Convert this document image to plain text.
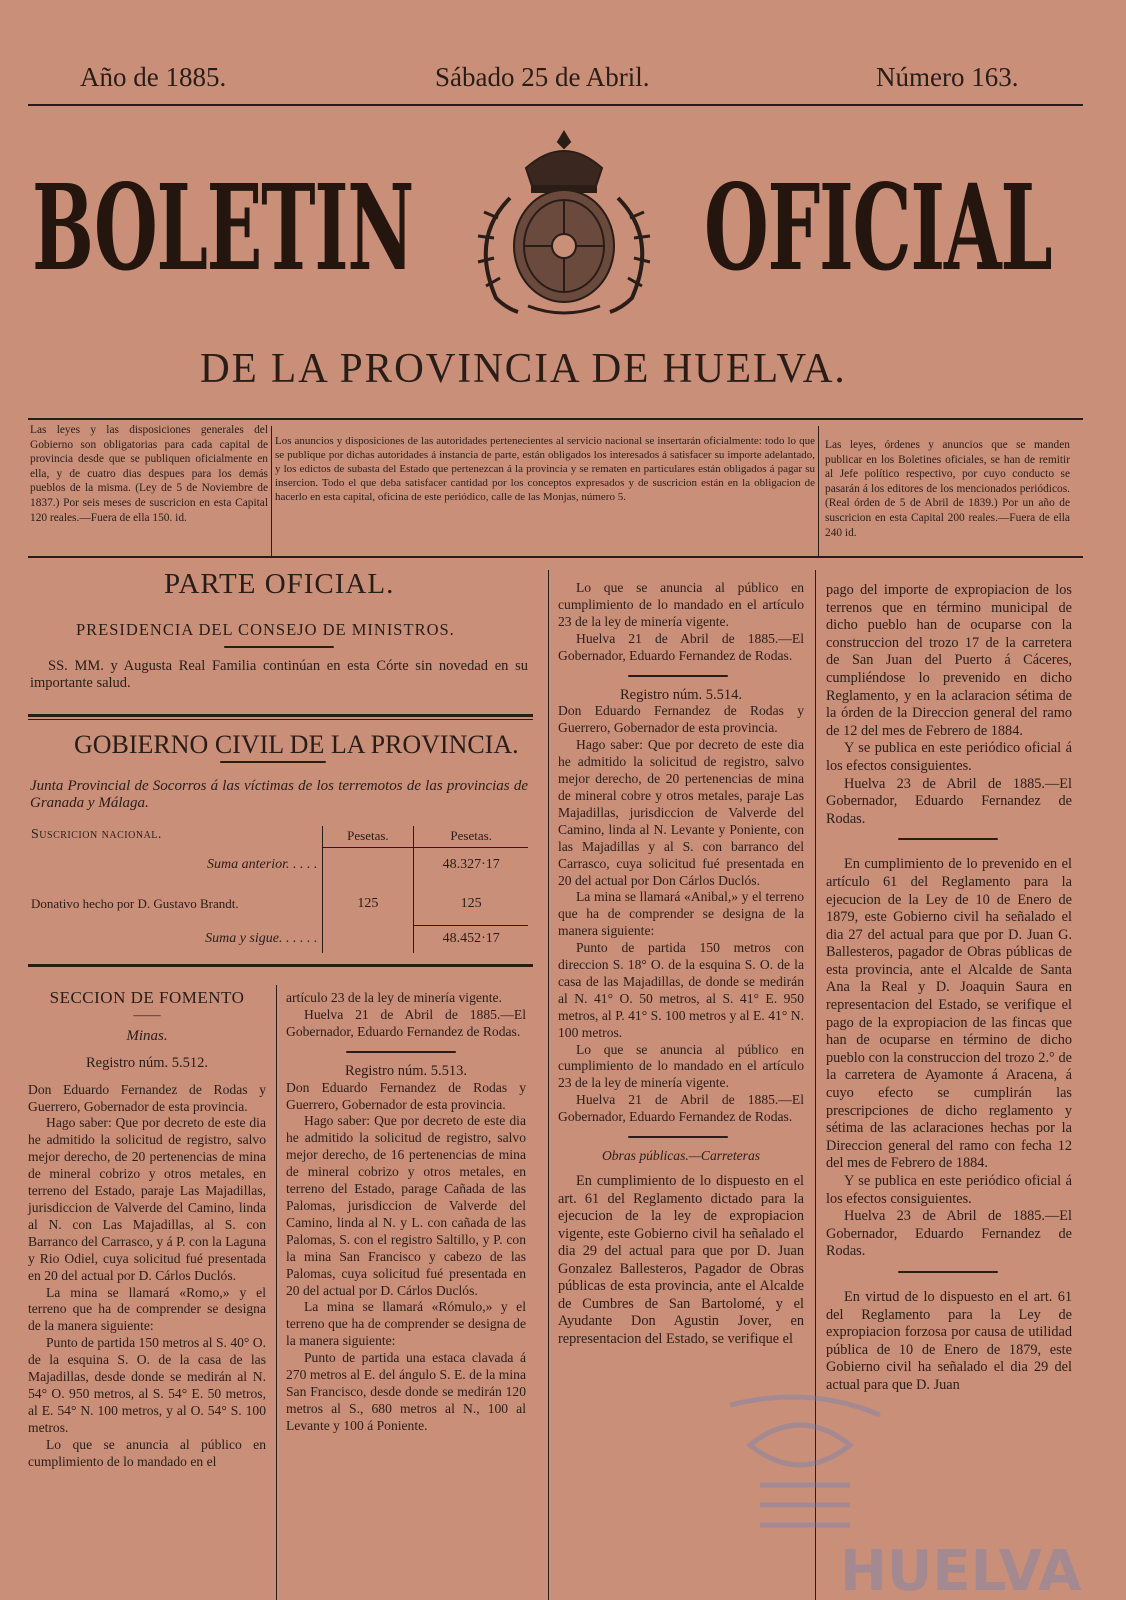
Año de 1885.	Sábado 25 de Abril.	Número 163.
BOLETIN OFICIAL
DE LA PROVINCIA DE HUELVA.
Las leyes y las disposiciones generales del Gobierno son obligatorias para cada capital de provincia desde que se publiquen oficialmente en ella, y de cuatro dias despues para los demás pueblos de la misma. (Ley de 5 de Noviembre de 1837.) Por seis meses de suscricion en esta Capital 120 reales.—Fuera de ella 150. id.
Los anuncios y disposiciones de las autoridades pertenecientes al servicio nacional se insertarán oficialmente: todo lo que se publique por dichas autoridades á instancia de parte, están obligados los interesados á satisfacer su importe adelantado, y los edictos de subasta del Estado que pertenezcan á la provincia y se rematen en particulares están obligados á pagar su insercion. Todo el que deba satisfacer cantidad por los conceptos expresados y de suscricion están en la obligacion de hacerlo en esta capital, oficina de este periódico, calle de las Monjas, número 5.
Las leyes, órdenes y anuncios que se manden publicar en los Boletines oficiales, se han de remitir al Jefe político respectivo, por cuyo conducto se pasarán á los editores de los mencionados periódicos. (Real órden de 5 de Abril de 1839.) Por un año de suscricion en esta Capital 200 reales.—Fuera de ella 240 id.
PARTE OFICIAL.
PRESIDENCIA DEL CONSEJO DE MINISTROS.

SS. MM. y Augusta Real Familia continúan en esta Córte sin novedad en su importante salud.

GOBIERNO CIVIL DE LA PROVINCIA.
Junta Provincial de Socorros á las víctimas de los terremotos de las provincias de Granada y Málaga.
Suscricion nacional.	Pesetas.	Pesetas.
Suma anterior. . . . .		48.327·17
Donativo hecho por D. Gustavo Brandt.	125	125
Suma y sigue. . . . . .		48.452·17
SECCION DE FOMENTO
——
Minas.
Registro núm. 5.512.

Don Eduardo Fernandez de Rodas y Guerrero, Gobernador de esta provincia.

Hago saber: Que por decreto de este dia he admitido la solicitud de registro, salvo mejor derecho, de 20 pertenencias de mina de mineral cobrizo y otros metales, en terreno del Estado, paraje Las Majadillas, jurisdiccion de Valverde del Camino, linda al N. con Las Majadillas, al S. con Barranco del Carrasco, y á P. con la Laguna y Rio Odiel, cuya solicitud fué presentada en 20 del actual por D. Cárlos Duclós.

La mina se llamará «Romo,» y el terreno que ha de comprender se designa de la manera siguiente:

Punto de partida 150 metros al S. 40° O. de la esquina S. O. de la casa de las Majadillas, desde donde se medirán al N. 54° O. 950 metros, al S. 54° E. 50 metros, al E. 54° N. 100 metros, y al O. 54° S. 100 metros.

Lo que se anuncia al público en cumplimiento de lo mandado en el

artículo 23 de la ley de minería vigente.

Huelva 21 de Abril de 1885.—El Gobernador, Eduardo Fernandez de Rodas.

Registro núm. 5.513.

Don Eduardo Fernandez de Rodas y Guerrero, Gobernador de esta provincia.

Hago saber: Que por decreto de este dia he admitido la solicitud de registro, salvo mejor derecho, de 16 pertenencias de mina de mineral cobrizo y otros metales, en terreno del Estado, parage Cañada de las Palomas, jurisdiccion de Valverde del Camino, linda al N. y L. con cañada de las Palomas, S. con el registro Saltillo, y P. con la mina San Francisco y cabezo de las Palomas, cuya solicitud fué presentada en 20 del actual por D. Cárlos Duclós.

La mina se llamará «Rómulo,» y el terreno que ha de comprender se designa de la manera siguiente:

Punto de partida una estaca clavada á 270 metros al E. del ángulo S. E. de la mina San Francisco, desde donde se medirán 120 metros al S., 680 metros al N., 100 al Levante y 100 á Poniente.

Lo que se anuncia al público en cumplimiento de lo mandado en el artículo 23 de la ley de minería vigente.

Huelva 21 de Abril de 1885.—El Gobernador, Eduardo Fernandez de Rodas.

Registro núm. 5.514.

Don Eduardo Fernandez de Rodas y Guerrero, Gobernador de esta provincia.

Hago saber: Que por decreto de este dia he admitido la solicitud de registro, salvo mejor derecho, de 20 pertenencias de mina de mineral cobre y otros metales, paraje Las Majadillas, jurisdiccion de Valverde del Camino, linda al N. Levante y Poniente, con las Majadillas y al S. con barranco del Carrasco, cuya solicitud fué presentada en 20 del actual por Don Cárlos Duclós.

La mina se llamará «Anibal,» y el terreno que ha de comprender se designa de la manera siguiente:

Punto de partida 150 metros con direccion S. 18° O. de la esquina S. O. de la casa de las Majadillas, de donde se medirán al N. 41° O. 50 metros, al S. 41° E. 950 metros, al P. 41° S. 100 metros y al E. 41° N. 100 metros.

Lo que se anuncia al público en cumplimiento de lo mandado en el artículo 23 de la ley de minería vigente.

Huelva 21 de Abril de 1885.—El Gobernador, Eduardo Fernandez de Rodas.

Obras públicas.—Carreteras

En cumplimiento de lo dispuesto en el art. 61 del Reglamento dictado para la ejecucion de la ley de expropiacion vigente, este Gobierno civil ha señalado el dia 29 del actual para que por D. Juan Gonzalez Ballesteros, Pagador de Obras públicas de esta provincia, ante el Alcalde de Cumbres de San Bartolomé, y el Ayudante Don Agustin Jover, en representacion del Estado, se verifique el

pago del importe de expropiacion de los terrenos que en término municipal de dicho pueblo han de ocuparse con la construccion del trozo 17 de la carretera de San Juan del Puerto á Cáceres, cumpliéndose lo prevenido en dicho Reglamento, y en la aclaracion sétima de la órden de la Direccion general del ramo de 12 del mes de Febrero de 1884.

Y se publica en este periódico oficial á los efectos consiguientes.

Huelva 23 de Abril de 1885.—El Gobernador, Eduardo Fernandez de Rodas.

En cumplimiento de lo prevenido en el artículo 61 del Reglamento para la ejecucion de la Ley de 10 de Enero de 1879, este Gobierno civil ha señalado el dia 27 del actual para que por D. Juan G. Ballesteros, pagador de Obras públicas de esta provincia, ante el Alcalde de Santa Ana la Real y D. Joaquin Saura en representacion del Estado, se verifique el pago de la expropiacion de las fincas que han de ocuparse en término de dicho pueblo con la construccion del trozo 2.° de la carretera de Ayamonte á Aracena, á cuyo efecto se cumplirán las prescripciones de dicho reglamento y sétima de las aclaraciones hechas por la Direccion general del ramo con fecha 12 del mes de Febrero de 1884.

Y se publica en este periódico oficial á los efectos consiguientes.

Huelva 23 de Abril de 1885.—El Gobernador, Eduardo Fernandez de Rodas.

En virtud de lo dispuesto en el art. 61 del Reglamento para la Ley de expropiacion forzosa por causa de utilidad pública de 10 de Enero de 1879, este Gobierno civil ha señalado el dia 29 del actual para que D. Juan

HUELVA
